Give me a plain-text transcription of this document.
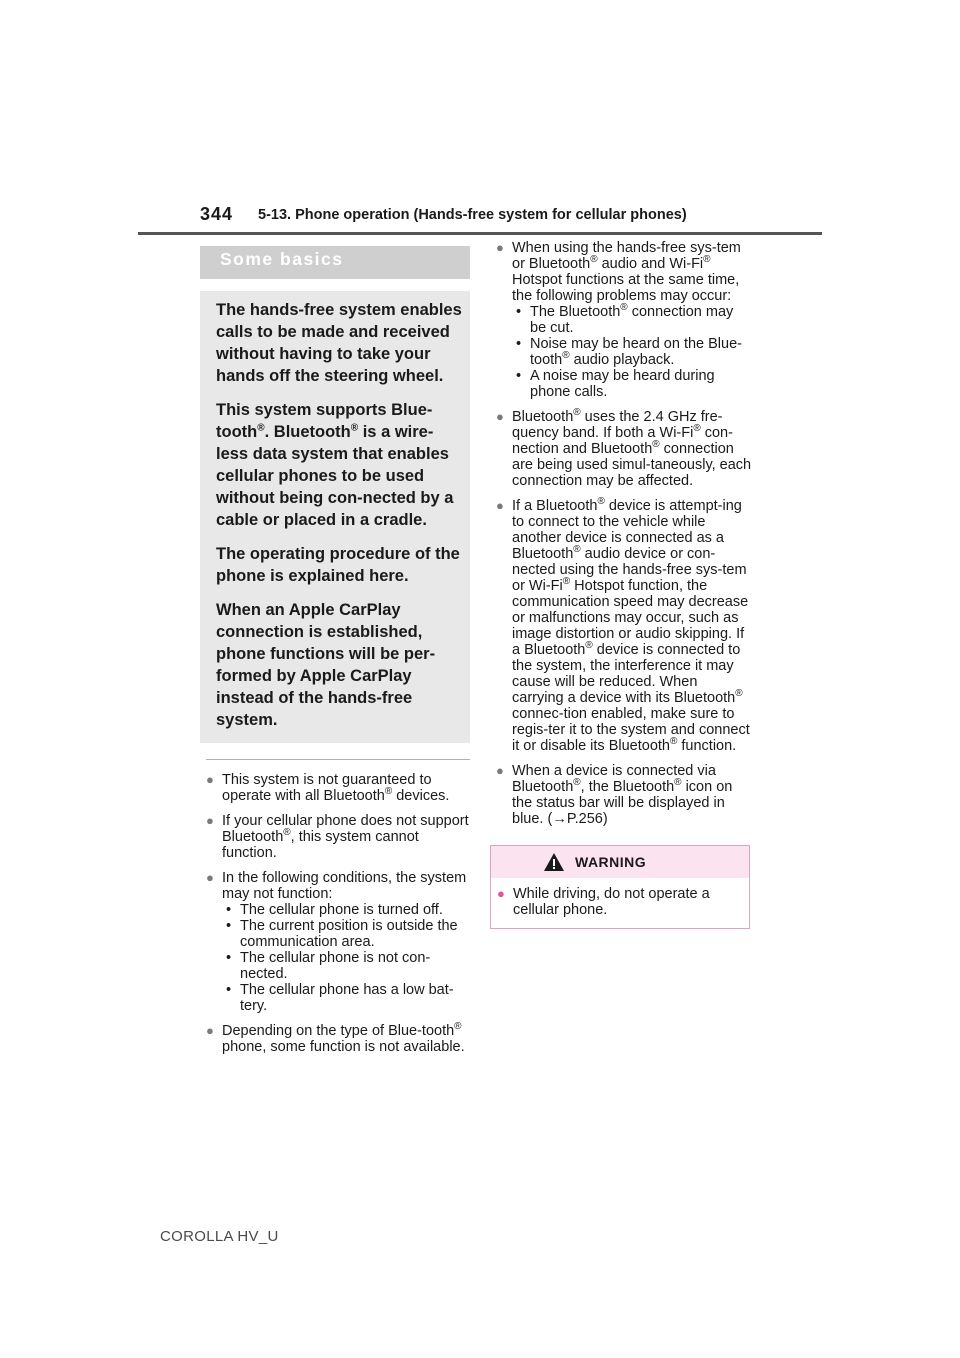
344 5-13. Phone operation (Hands-free system for cellular phones)
Some basics

The hands-free system enables calls to be made and received without having to take your hands off the steering wheel.

This system supports Blue-tooth®. Bluetooth® is a wire-less data system that enables cellular phones to be used without being con-nected by a cable or placed in a cradle.

The operating procedure of the phone is explained here.

When an Apple CarPlay connection is established, phone functions will be per-formed by Apple CarPlay instead of the hands-free system.

● This system is not guaranteed to operate with all Bluetooth® devices.
● If your cellular phone does not support Bluetooth®, this system cannot function.
● In the following conditions, the system may not function:
• The cellular phone is turned off.
• The current position is outside the communication area.
• The cellular phone is not con-nected.
• The cellular phone has a low bat-tery.
● Depending on the type of Blue-tooth® phone, some function is not available.
● When using the hands-free sys-tem or Bluetooth® audio and Wi-Fi® Hotspot functions at the same time, the following problems may occur:
• The Bluetooth® connection may be cut.
• Noise may be heard on the Blue-tooth® audio playback.
• A noise may be heard during phone calls.
● Bluetooth® uses the 2.4 GHz fre-quency band. If both a Wi-Fi® con-nection and Bluetooth® connection are being used simul-taneously, each connection may be affected.
● If a Bluetooth® device is attempt-ing to connect to the vehicle while another device is connected as a Bluetooth® audio device or con-nected using the hands-free sys-tem or Wi-Fi® Hotspot function, the communication speed may decrease or malfunctions may occur, such as image distortion or audio skipping. If a Bluetooth® device is connected to the system, the interference it may cause will be reduced. When carrying a device with its Bluetooth® connec-tion enabled, make sure to regis-ter it to the system and connect it or disable its Bluetooth® function.
● When a device is connected via Bluetooth®, the Bluetooth® icon on the status bar will be displayed in blue. (→P.256)
WARNING
● While driving, do not operate a cellular phone.
COROLLA HV_U
